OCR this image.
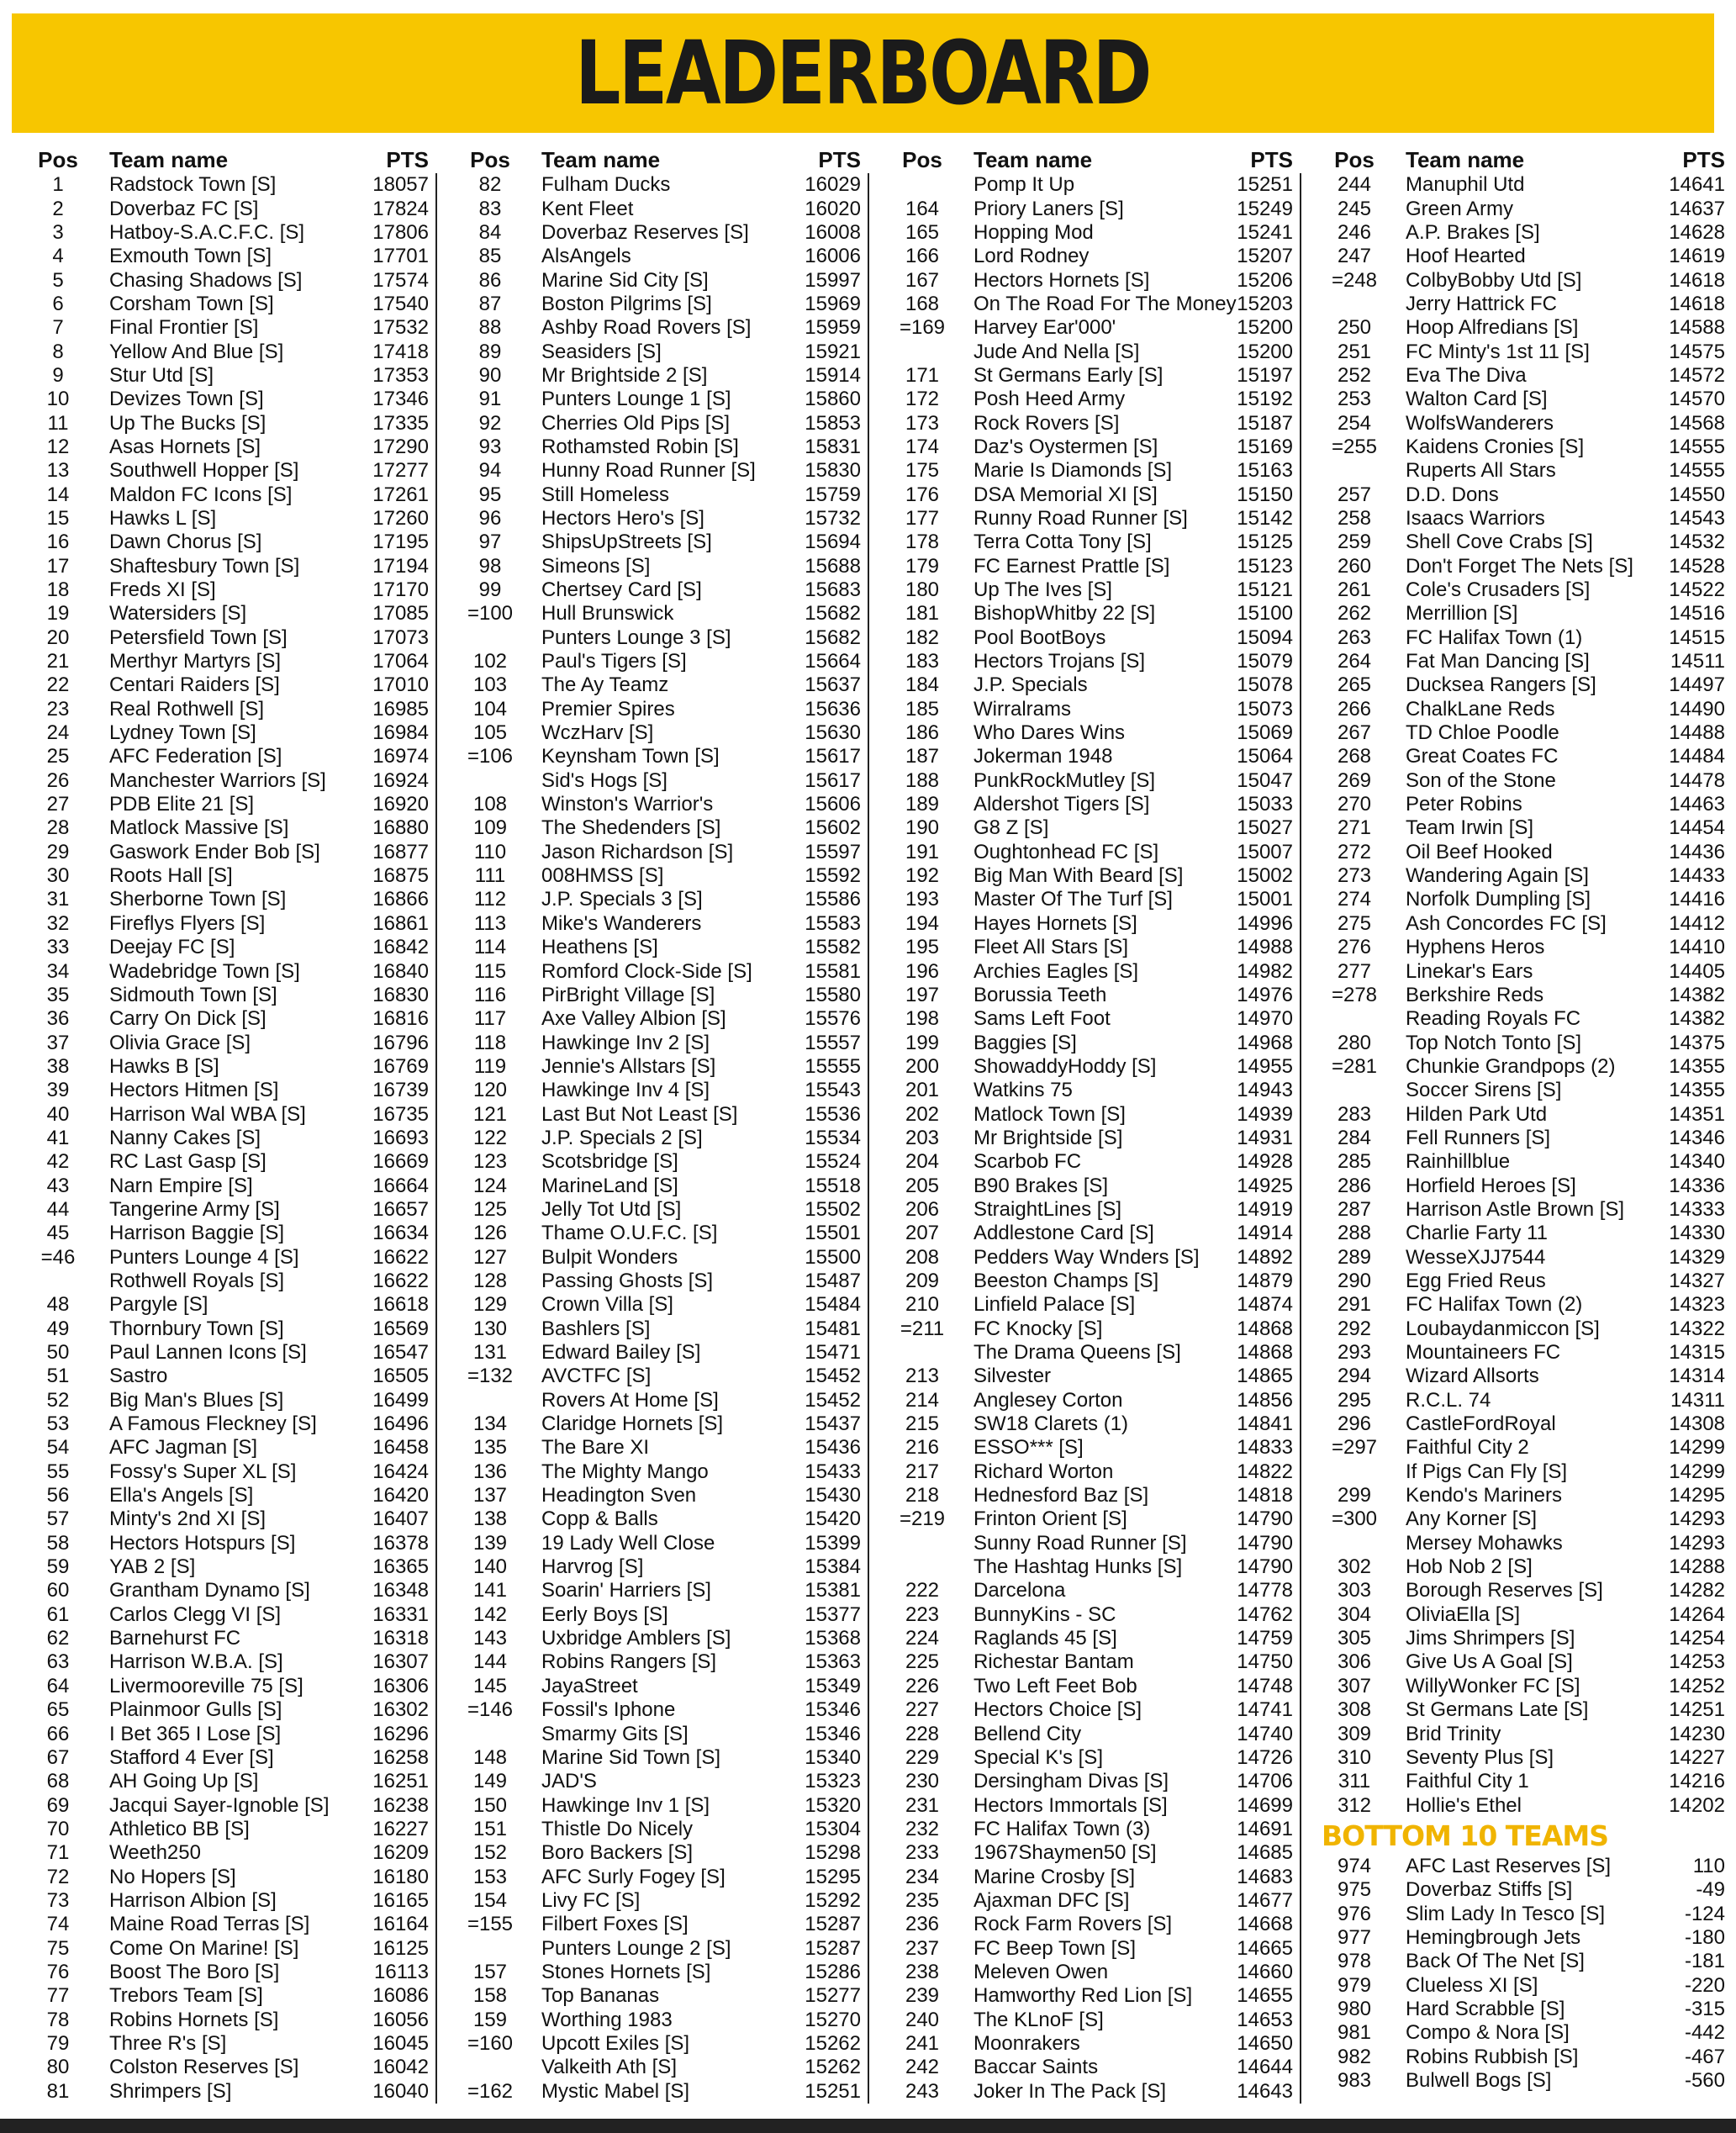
LEADERBOARD
Pos	Team name	PTS
1	Radstock Town [S]	18057
2	Doverbaz FC [S]	17824
3	Hatboy-S.A.C.F.C. [S]	17806
4	Exmouth Town [S]	17701
5	Chasing Shadows [S]	17574
6	Corsham Town [S]	17540
7	Final Frontier [S]	17532
8	Yellow And Blue [S]	17418
9	Stur Utd [S]	17353
10	Devizes Town [S]	17346
11	Up The Bucks [S]	17335
12	Asas Hornets [S]	17290
13	Southwell Hopper [S]	17277
14	Maldon FC Icons [S]	17261
15	Hawks L [S]	17260
16	Dawn Chorus [S]	17195
17	Shaftesbury Town [S]	17194
18	Freds XI [S]	17170
19	Watersiders [S]	17085
20	Petersfield Town [S]	17073
21	Merthyr Martyrs [S]	17064
22	Centari Raiders [S]	17010
23	Real Rothwell [S]	16985
24	Lydney Town [S]	16984
25	AFC Federation [S]	16974
26	Manchester Warriors [S]	16924
27	PDB Elite 21 [S]	16920
28	Matlock Massive [S]	16880
29	Gaswork Ender Bob [S]	16877
30	Roots Hall [S]	16875
31	Sherborne Town [S]	16866
32	Fireflys Flyers [S]	16861
33	Deejay FC [S]	16842
34	Wadebridge Town [S]	16840
35	Sidmouth Town [S]	16830
36	Carry On Dick [S]	16816
37	Olivia Grace [S]	16796
38	Hawks B [S]	16769
39	Hectors Hitmen [S]	16739
40	Harrison Wal WBA [S]	16735
41	Nanny Cakes [S]	16693
42	RC Last Gasp [S]	16669
43	Narn Empire [S]	16664
44	Tangerine Army [S]	16657
45	Harrison Baggie [S]	16634
=46	Punters Lounge 4 [S]	16622
Rothwell Royals [S]	16622
48	Pargyle [S]	16618
49	Thornbury Town [S]	16569
50	Paul Lannen Icons [S]	16547
51	Sastro	16505
52	Big Man's Blues [S]	16499
53	A Famous Fleckney [S]	16496
54	AFC Jagman [S]	16458
55	Fossy's Super XL [S]	16424
56	Ella's Angels [S]	16420
57	Minty's 2nd XI [S]	16407
58	Hectors Hotspurs [S]	16378
59	YAB 2 [S]	16365
60	Grantham Dynamo [S]	16348
61	Carlos Clegg VI [S]	16331
62	Barnehurst FC	16318
63	Harrison W.B.A. [S]	16307
64	Livermooreville 75 [S]	16306
65	Plainmoor Gulls [S]	16302
66	I Bet 365 I Lose [S]	16296
67	Stafford 4 Ever [S]	16258
68	AH Going Up [S]	16251
69	Jacqui Sayer-Ignoble [S]	16238
70	Athletico BB [S]	16227
71	Weeth250	16209
72	No Hopers [S]	16180
73	Harrison Albion [S]	16165
74	Maine Road Terras [S]	16164
75	Come On Marine! [S]	16125
76	Boost The Boro [S]	16113
77	Trebors Team [S]	16086
78	Robins Hornets [S]	16056
79	Three R's [S]	16045
80	Colston Reserves [S]	16042
81	Shrimpers [S]	16040
Pos	Team name	PTS
82	Fulham Ducks	16029
83	Kent Fleet	16020
84	Doverbaz Reserves [S]	16008
85	AlsAngels	16006
86	Marine Sid City [S]	15997
87	Boston Pilgrims [S]	15969
88	Ashby Road Rovers [S]	15959
89	Seasiders [S]	15921
90	Mr Brightside 2 [S]	15914
91	Punters Lounge 1 [S]	15860
92	Cherries Old Pips [S]	15853
93	Rothamsted Robin [S]	15831
94	Hunny Road Runner [S]	15830
95	Still Homeless	15759
96	Hectors Hero's [S]	15732
97	ShipsUpStreets [S]	15694
98	Simeons [S]	15688
99	Chertsey Card [S]	15683
=100	Hull Brunswick	15682
Punters Lounge 3 [S]	15682
102	Paul's Tigers [S]	15664
103	The Ay Teamz	15637
104	Premier Spires	15636
105	WczHarv [S]	15630
=106	Keynsham Town [S]	15617
Sid's Hogs [S]	15617
108	Winston's Warrior's	15606
109	The Shedenders [S]	15602
110	Jason Richardson [S]	15597
111	008HMSS [S]	15592
112	J.P. Specials 3 [S]	15586
113	Mike's Wanderers	15583
114	Heathens [S]	15582
115	Romford Clock-Side [S]	15581
116	PirBright Village [S]	15580
117	Axe Valley Albion [S]	15576
118	Hawkinge Inv 2 [S]	15557
119	Jennie's Allstars [S]	15555
120	Hawkinge Inv 4 [S]	15543
121	Last But Not Least [S]	15536
122	J.P. Specials 2 [S]	15534
123	Scotsbridge [S]	15524
124	MarineLand [S]	15518
125	Jelly Tot Utd [S]	15502
126	Thame O.U.F.C. [S]	15501
127	Bulpit Wonders	15500
128	Passing Ghosts [S]	15487
129	Crown Villa [S]	15484
130	Bashlers [S]	15481
131	Edward Bailey [S]	15471
=132	AVCTFC [S]	15452
Rovers At Home [S]	15452
134	Claridge Hornets [S]	15437
135	The Bare XI	15436
136	The Mighty Mango	15433
137	Headington Sven	15430
138	Copp & Balls	15420
139	19 Lady Well Close	15399
140	Harvrog [S]	15384
141	Soarin' Harriers [S]	15381
142	Eerly Boys [S]	15377
143	Uxbridge Amblers [S]	15368
144	Robins Rangers [S]	15363
145	JayaStreet	15349
=146	Fossil's Iphone	15346
Smarmy Gits [S]	15346
148	Marine Sid Town [S]	15340
149	JAD'S	15323
150	Hawkinge Inv 1 [S]	15320
151	Thistle Do Nicely	15304
152	Boro Backers [S]	15298
153	AFC Surly Fogey [S]	15295
154	Livy FC [S]	15292
=155	Filbert Foxes [S]	15287
Punters Lounge 2 [S]	15287
157	Stones Hornets [S]	15286
158	Top Bananas	15277
159	Worthing 1983	15270
=160	Upcott Exiles [S]	15262
Valkeith Ath [S]	15262
=162	Mystic Mabel [S]	15251
Pos	Team name	PTS
Pomp It Up	15251
164	Priory Laners [S]	15249
165	Hopping Mod	15241
166	Lord Rodney	15207
167	Hectors Hornets [S]	15206
168	On The Road For The Money 15203
=169	Harvey Ear'000'	15200
Jude And Nella [S]	15200
171	St Germans Early [S]	15197
172	Posh Heed Army	15192
173	Rock Rovers [S]	15187
174	Daz's Oystermen [S]	15169
175	Marie Is Diamonds [S]	15163
176	DSA Memorial XI [S]	15150
177	Runny Road Runner [S]	15142
178	Terra Cotta Tony [S]	15125
179	FC Earnest Prattle [S]	15123
180	Up The Ives [S]	15121
181	BishopWhitby 22 [S]	15100
182	Pool BootBoys	15094
183	Hectors Trojans [S]	15079
184	J.P. Specials	15078
185	Wirralrams	15073
186	Who Dares Wins	15069
187	Jokerman 1948	15064
188	PunkRockMutley [S]	15047
189	Aldershot Tigers [S]	15033
190	G8 Z [S]	15027
191	Oughtonhead FC [S]	15007
192	Big Man With Beard [S]	15002
193	Master Of The Turf [S]	15001
194	Hayes Hornets [S]	14996
195	Fleet All Stars [S]	14988
196	Archies Eagles [S]	14982
197	Borussia Teeth	14976
198	Sams Left Foot	14970
199	Baggies [S]	14968
200	ShowaddyHoddy [S]	14955
201	Watkins 75	14943
202	Matlock Town [S]	14939
203	Mr Brightside [S]	14931
204	Scarbob FC	14928
205	B90 Brakes [S]	14925
206	StraightLines [S]	14919
207	Addlestone Card [S]	14914
208	Pedders Way Wnders [S]	14892
209	Beeston Champs [S]	14879
210	Linfield Palace [S]	14874
=211	FC Knocky [S]	14868
The Drama Queens [S]	14868
213	Silvester	14865
214	Anglesey Corton	14856
215	SW18 Clarets (1)	14841
216	ESSO*** [S]	14833
217	Richard Worton	14822
218	Hednesford Baz [S]	14818
=219	Frinton Orient [S]	14790
Sunny Road Runner [S]	14790
The Hashtag Hunks [S]	14790
222	Darcelona	14778
223	BunnyKins - SC	14762
224	Raglands 45 [S]	14759
225	Richestar Bantam	14750
226	Two Left Feet Bob	14748
227	Hectors Choice [S]	14741
228	Bellend City	14740
229	Special K's [S]	14726
230	Dersingham Divas [S]	14706
231	Hectors Immortals [S]	14699
232	FC Halifax Town (3)	14691
233	1967Shaymen50 [S]	14685
234	Marine Crosby [S]	14683
235	Ajaxman DFC [S]	14677
236	Rock Farm Rovers [S]	14668
237	FC Beep Town [S]	14665
238	Meleven Owen	14660
239	Hamworthy Red Lion [S]	14655
240	The KLnoF [S]	14653
241	Moonrakers	14650
242	Baccar Saints	14644
243	Joker In The Pack [S]	14643
Pos	Team name	PTS
244	Manuphil Utd	14641
245	Green Army	14637
246	A.P. Brakes [S]	14628
247	Hoof Hearted	14619
=248	ColbyBobby Utd [S]	14618
Jerry Hattrick FC	14618
250	Hoop Alfredians [S]	14588
251	FC Minty's 1st 11 [S]	14575
252	Eva The Diva	14572
253	Walton Card [S]	14570
254	WolfsWanderers	14568
=255	Kaidens Cronies [S]	14555
Ruperts All Stars	14555
257	D.D. Dons	14550
258	Isaacs Warriors	14543
259	Shell Cove Crabs [S]	14532
260	Don't Forget The Nets [S]	14528
261	Cole's Crusaders [S]	14522
262	Merrillion [S]	14516
263	FC Halifax Town (1)	14515
264	Fat Man Dancing [S]	14511
265	Ducksea Rangers [S]	14497
266	ChalkLane Reds	14490
267	TD Chloe Poodle	14488
268	Great Coates FC	14484
269	Son of the Stone	14478
270	Peter Robins	14463
271	Team Irwin [S]	14454
272	Oil Beef Hooked	14436
273	Wandering Again [S]	14433
274	Norfolk Dumpling [S]	14416
275	Ash Concordes FC [S]	14412
276	Hyphens Heros	14410
277	Linekar's Ears	14405
=278	Berkshire Reds	14382
Reading Royals FC	14382
280	Top Notch Tonto [S]	14375
=281	Chunkie Grandpops (2)	14355
Soccer Sirens [S]	14355
283	Hilden Park Utd	14351
284	Fell Runners [S]	14346
285	Rainhillblue	14340
286	Horfield Heroes [S]	14336
287	Harrison Astle Brown [S]	14333
288	Charlie Farty 11	14330
289	WesseXJJ7544	14329
290	Egg Fried Reus	14327
291	FC Halifax Town (2)	14323
292	Loubaydanmiccon [S]	14322
293	Mountaineers FC	14315
294	Wizard Allsorts	14314
295	R.C.L. 74	14311
296	CastleFordRoyal	14308
=297	Faithful City 2	14299
If Pigs Can Fly [S]	14299
299	Kendo's Mariners	14295
=300	Any Korner [S]	14293
Mersey Mohawks	14293
302	Hob Nob 2 [S]	14288
303	Borough Reserves [S]	14282
304	OliviaElla [S]	14264
305	Jims Shrimpers [S]	14254
306	Give Us A Goal [S]	14253
307	WillyWonker FC [S]	14252
308	St Germans Late [S]	14251
309	Brid Trinity	14230
310	Seventy Plus [S]	14227
311	Faithful City 1	14216
312	Hollie's Ethel	14202
BOTTOM 10 TEAMS
974	AFC Last Reserves [S]	110
975	Doverbaz Stiffs [S]	-49
976	Slim Lady In Tesco [S]	-124
977	Hemingbrough Jets	-180
978	Back Of The Net [S]	-181
979	Clueless XI [S]	-220
980	Hard Scrabble [S]	-315
981	Compo & Nora [S]	-442
982	Robins Rubbish [S]	-467
983	Bulwell Bogs [S]	-560
